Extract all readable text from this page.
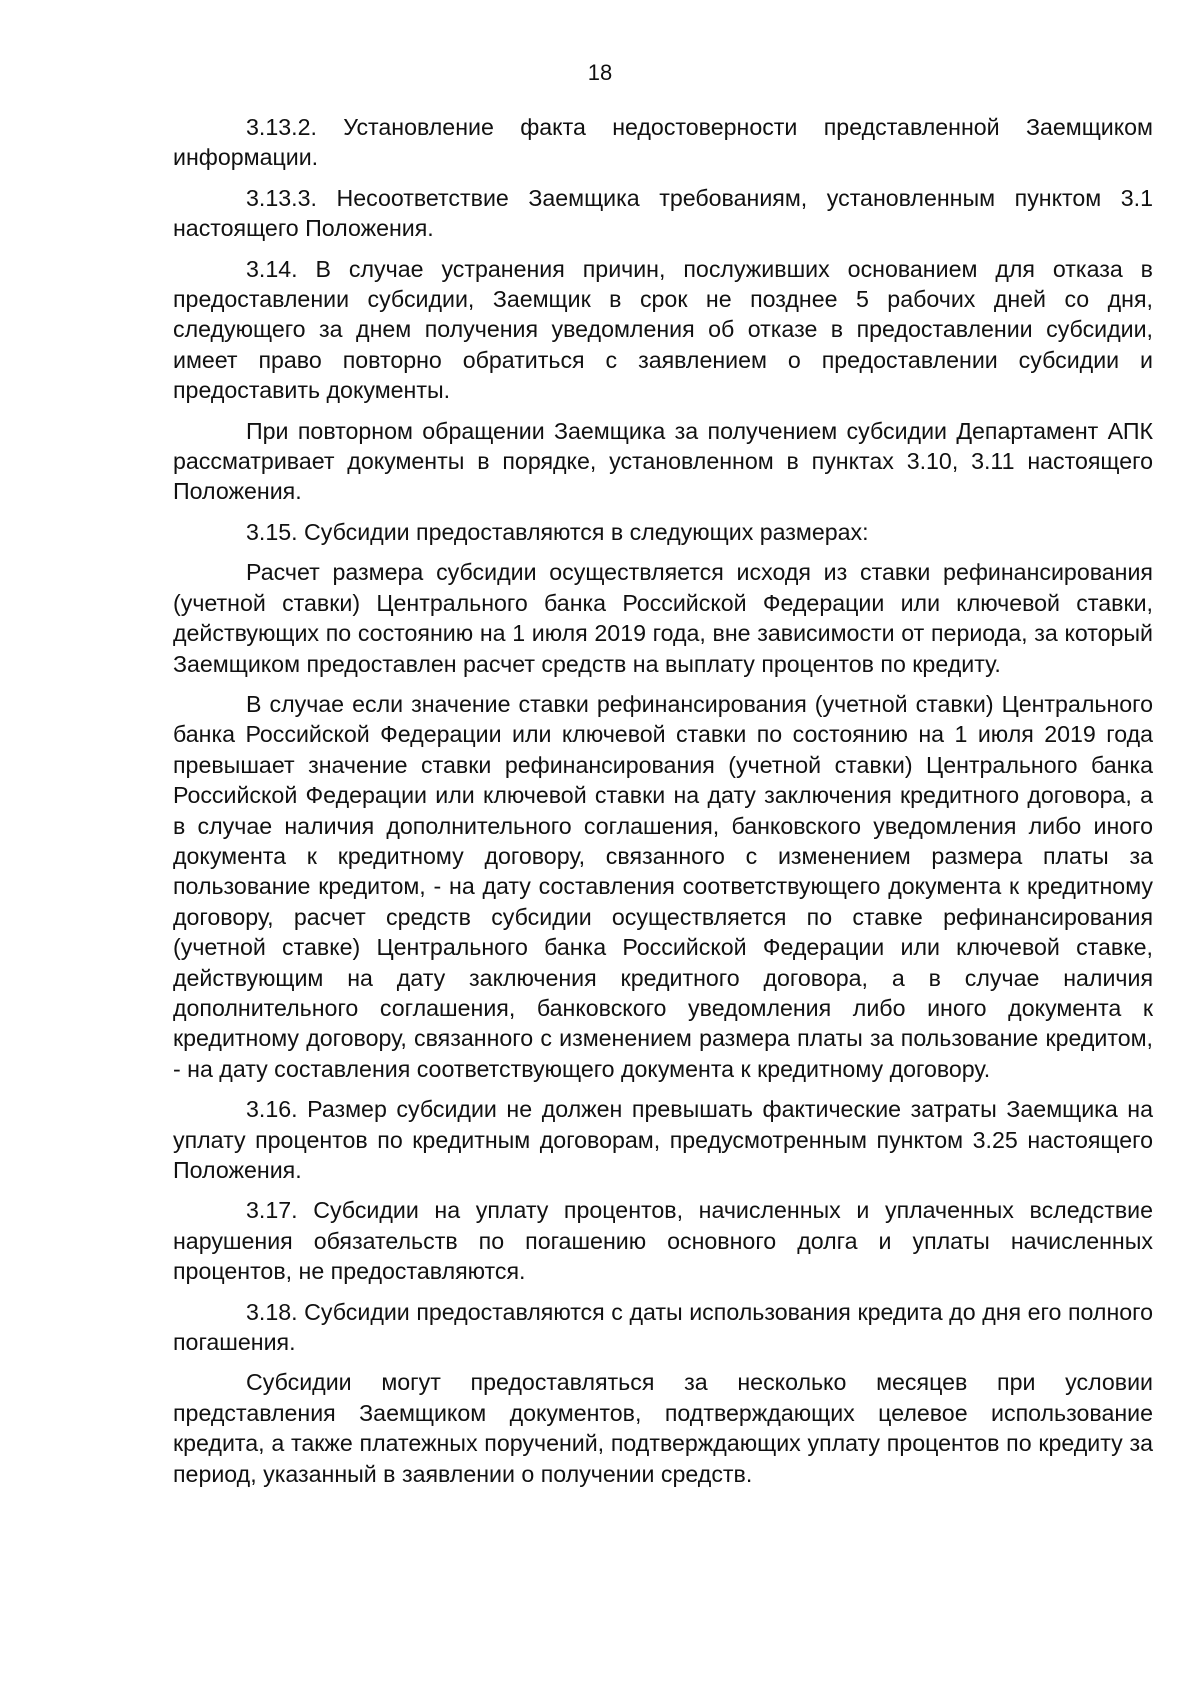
18

3.13.2. Установление факта недостоверности представленной Заемщиком информации.

3.13.3. Несоответствие Заемщика требованиям, установленным пунктом 3.1 настоящего Положения.

3.14. В случае устранения причин, послуживших основанием для отказа в предоставлении субсидии, Заемщик в срок не позднее 5 рабочих дней со дня, следующего за днем получения уведомления об отказе в предоставлении субсидии, имеет право повторно обратиться с заявлением о предоставлении субсидии и предоставить документы.

При повторном обращении Заемщика за получением субсидии Департамент АПК рассматривает документы в порядке, установленном в пунктах 3.10, 3.11 настоящего Положения.

3.15. Субсидии предоставляются в следующих размерах:

Расчет размера субсидии осуществляется исходя из ставки рефинансирования (учетной ставки) Центрального банка Российской Федерации или ключевой ставки, действующих по состоянию на 1 июля 2019 года, вне зависимости от периода, за который Заемщиком предоставлен расчет средств на выплату процентов по кредиту.

В случае если значение ставки рефинансирования (учетной ставки) Центрального банка Российской Федерации или ключевой ставки по состоянию на 1 июля 2019 года превышает значение ставки рефинансирования (учетной ставки) Центрального банка Российской Федерации или ключевой ставки на дату заключения кредитного договора, а в случае наличия дополнительного соглашения, банковского уведомления либо иного документа к кредитному договору, связанного с изменением размера платы за пользование кредитом, - на дату составления соответствующего документа к кредитному договору, расчет средств субсидии осуществляется по ставке рефинансирования (учетной ставке) Центрального банка Российской Федерации или ключевой ставке, действующим на дату заключения кредитного договора, а в случае наличия дополнительного соглашения, банковского уведомления либо иного документа к кредитному договору, связанного с изменением размера платы за пользование кредитом, - на дату составления соответствующего документа к кредитному договору.

3.16. Размер субсидии не должен превышать фактические затраты Заемщика на уплату процентов по кредитным договорам, предусмотренным пунктом 3.25 настоящего Положения.

3.17. Субсидии на уплату процентов, начисленных и уплаченных вследствие нарушения обязательств по погашению основного долга и уплаты начисленных процентов, не предоставляются.

3.18. Субсидии предоставляются с даты использования кредита до дня его полного погашения.

Субсидии могут предоставляться за несколько месяцев при условии представления Заемщиком документов, подтверждающих целевое использование кредита, а также платежных поручений, подтверждающих уплату процентов по кредиту за период, указанный в заявлении о получении средств.
